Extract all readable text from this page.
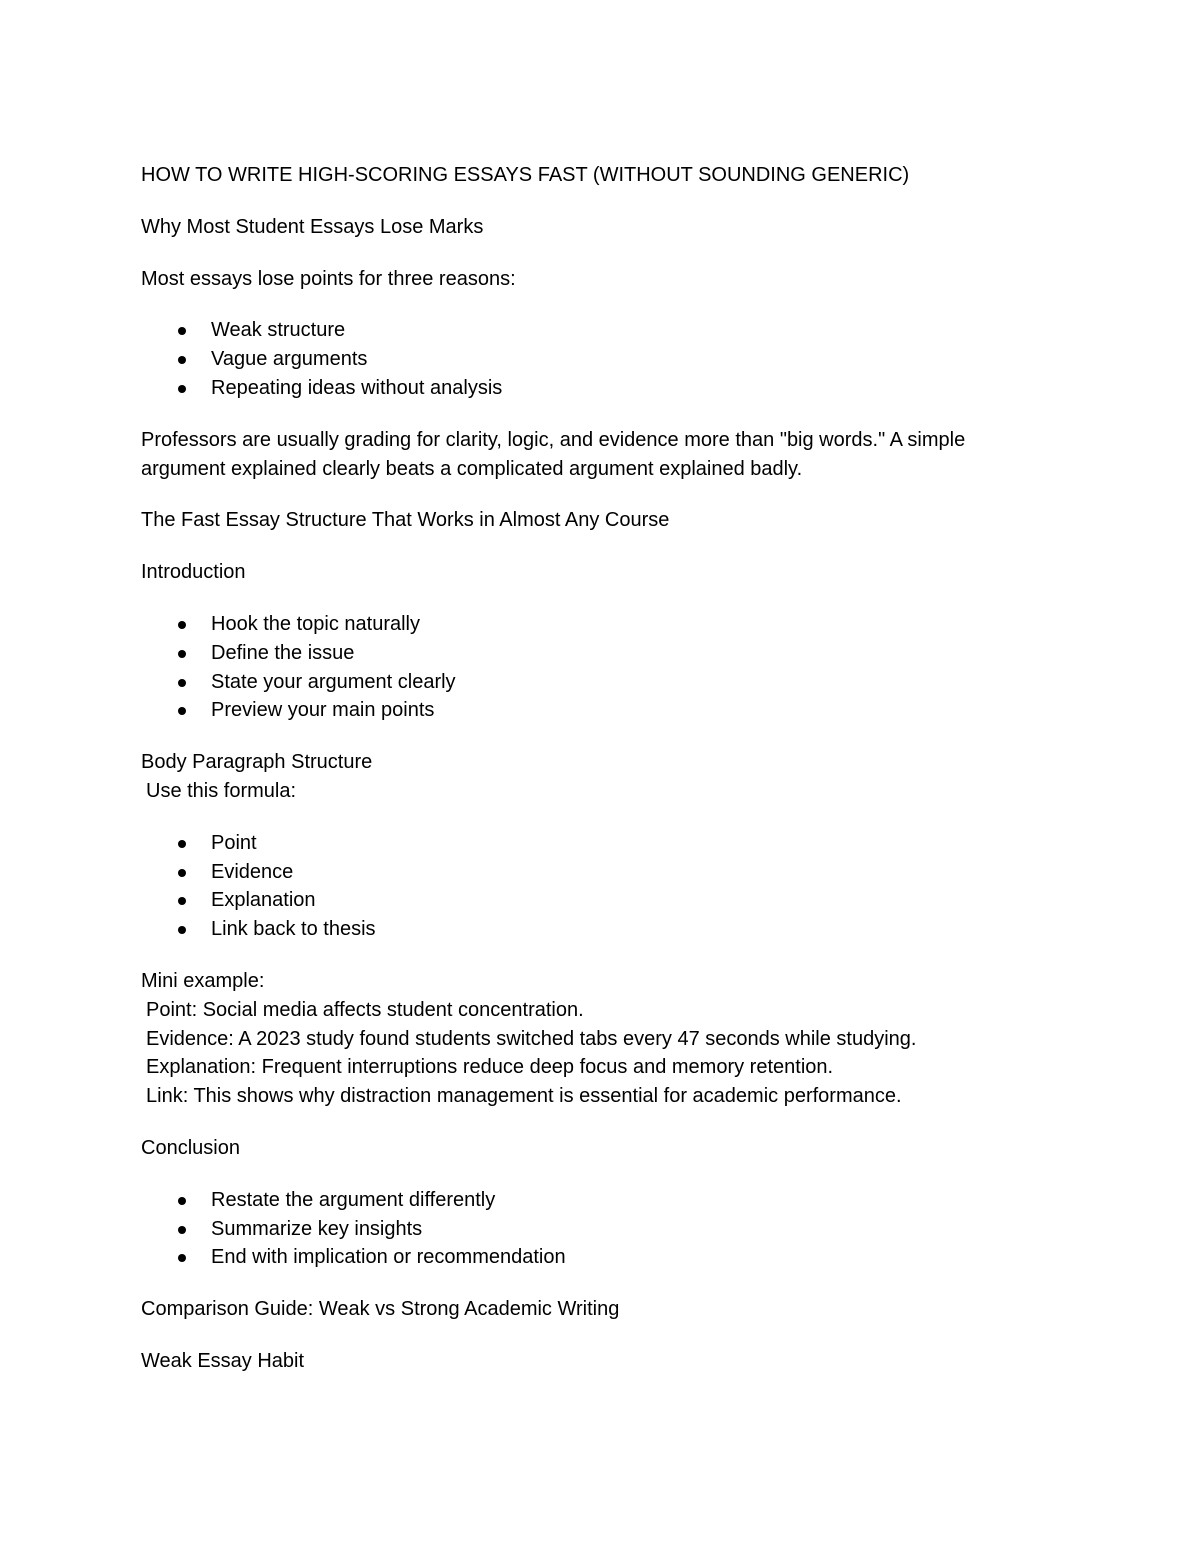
HOW TO WRITE HIGH-SCORING ESSAYS FAST (WITHOUT SOUNDING GENERIC)

Why Most Student Essays Lose Marks

Most essays lose points for three reasons:

Weak structure
Vague arguments
Repeating ideas without analysis

Professors are usually grading for clarity, logic, and evidence more than "big words." A simple

argument explained clearly beats a complicated argument explained badly.

The Fast Essay Structure That Works in Almost Any Course

Introduction

Hook the topic naturally
Define the issue
State your argument clearly
Preview your main points

Body Paragraph Structure

Use this formula:

Point
Evidence
Explanation
Link back to thesis

Mini example:

Point: Social media affects student concentration.

Evidence: A 2023 study found students switched tabs every 47 seconds while studying.

Explanation: Frequent interruptions reduce deep focus and memory retention.

Link: This shows why distraction management is essential for academic performance.

Conclusion

Restate the argument differently
Summarize key insights
End with implication or recommendation

Comparison Guide: Weak vs Strong Academic Writing

Weak Essay Habit
